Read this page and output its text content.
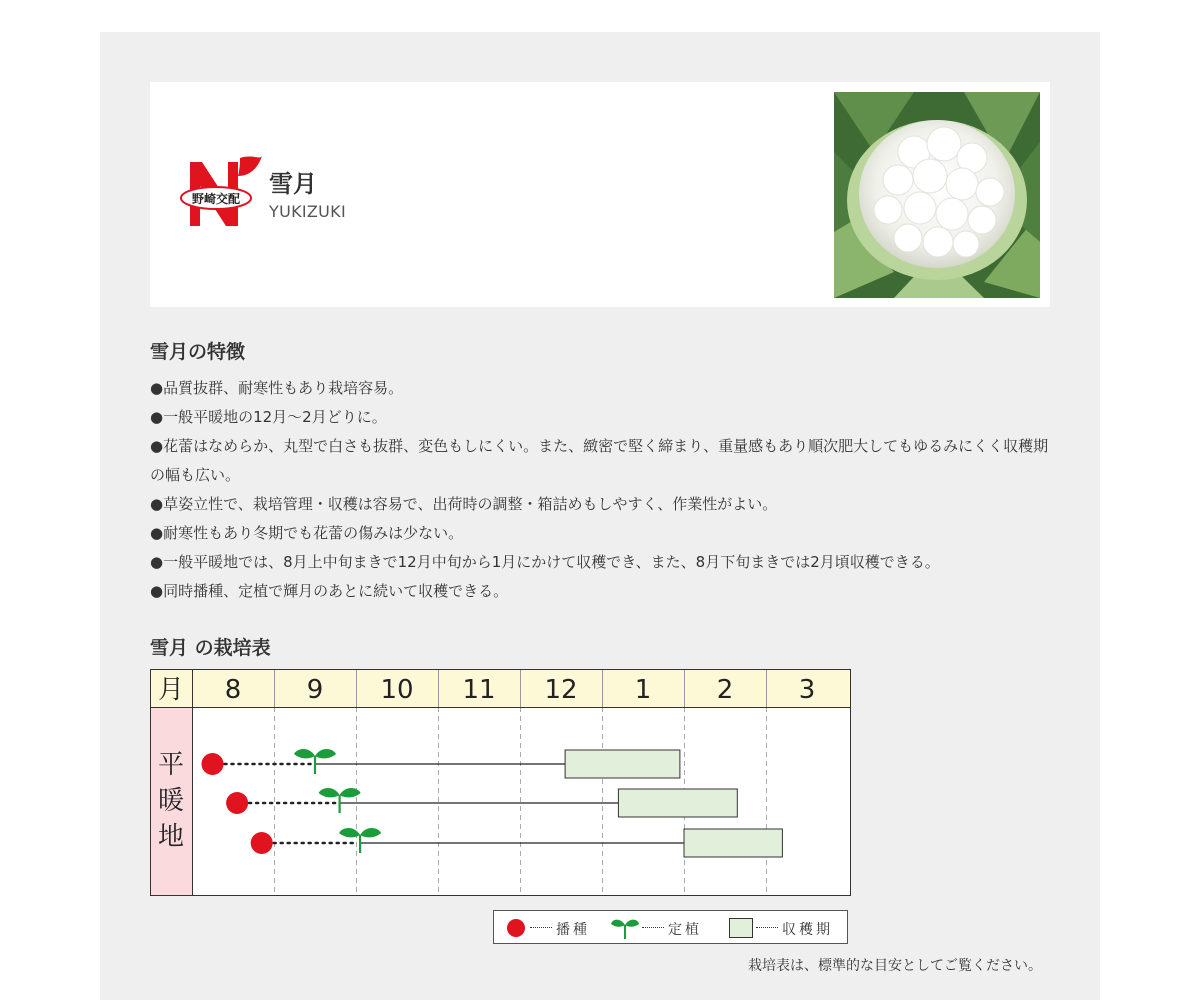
野崎交配
雪月
YUKIZUKI
雪月の特徴

●品質抜群、耐寒性もあり栽培容易。

●一般平暖地の12月〜2月どりに。

●花蕾はなめらか、丸型で白さも抜群、変色もしにくい。また、緻密で堅く締まり、重量感もあり順次肥大してもゆるみにくく収穫期の幅も広い。

●草姿立性で、栽培管理・収穫は容易で、出荷時の調整・箱詰めもしやすく、作業性がよい。

●耐寒性もあり冬期でも花蕾の傷みは少ない。

●一般平暖地では、8月上中旬まきで12月中旬から1月にかけて収穫でき、また、8月下旬まきでは2月頃収穫できる。

●同時播種、定植で輝月のあとに続いて収穫できる。

雪月 の栽培表
月 8	9 10 11 12 1	2	3
平
暖
地
播種	定植	収穫期
栽培表は、標準的な目安としてご覧ください。
